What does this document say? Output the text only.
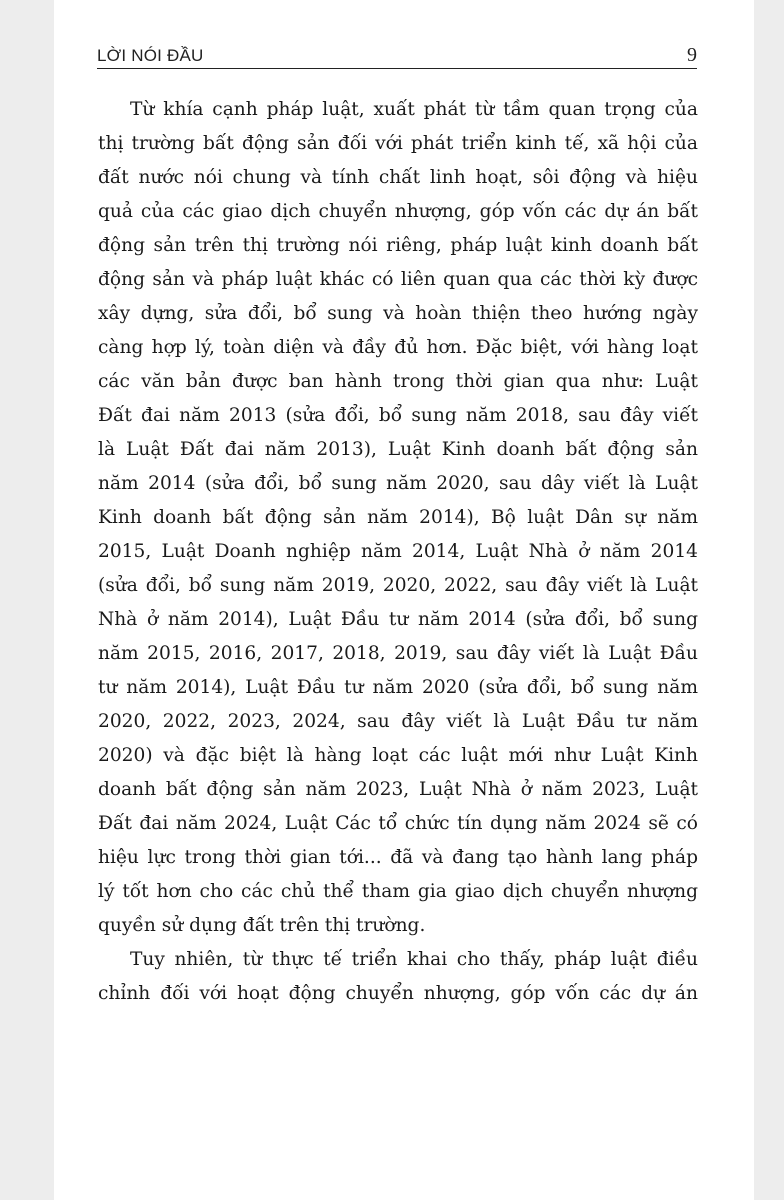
LỜI NÓI ĐẦU	9
Từ khía cạnh pháp luật, xuất phát từ tầm quan trọng của
thị trường bất động sản đối với phát triển kinh tế, xã hội của
đất nước nói chung và tính chất linh hoạt, sôi động và hiệu
quả của các giao dịch chuyển nhượng, góp vốn các dự án bất
động sản trên thị trường nói riêng, pháp luật kinh doanh bất
động sản và pháp luật khác có liên quan qua các thời kỳ được
xây dựng, sửa đổi, bổ sung và hoàn thiện theo hướng ngày
càng hợp lý, toàn diện và đầy đủ hơn. Đặc biệt, với hàng loạt
các văn bản được ban hành trong thời gian qua như: Luật
Đất đai năm 2013 (sửa đổi, bổ sung năm 2018, sau đây viết
là Luật Đất đai năm 2013), Luật Kinh doanh bất động sản
năm 2014 (sửa đổi, bổ sung năm 2020, sau dây viết là Luật
Kinh doanh bất động sản năm 2014), Bộ luật Dân sự năm
2015, Luật Doanh nghiệp năm 2014, Luật Nhà ở năm 2014
(sửa đổi, bổ sung năm 2019, 2020, 2022, sau đây viết là Luật
Nhà ở năm 2014), Luật Đầu tư năm 2014 (sửa đổi, bổ sung
năm 2015, 2016, 2017, 2018, 2019, sau đây viết là Luật Đầu
tư năm 2014), Luật Đầu tư năm 2020 (sửa đổi, bổ sung năm
2020, 2022, 2023, 2024, sau đây viết là Luật Đầu tư năm
2020) và đặc biệt là hàng loạt các luật mới như Luật Kinh
doanh bất động sản năm 2023, Luật Nhà ở năm 2023, Luật
Đất đai năm 2024, Luật Các tổ chức tín dụng năm 2024 sẽ có
hiệu lực trong thời gian tới... đã và đang tạo hành lang pháp
lý tốt hơn cho các chủ thể tham gia giao dịch chuyển nhượng
quyền sử dụng đất trên thị trường.
Tuy nhiên, từ thực tế triển khai cho thấy, pháp luật điều
chỉnh đối với hoạt động chuyển nhượng, góp vốn các dự án
